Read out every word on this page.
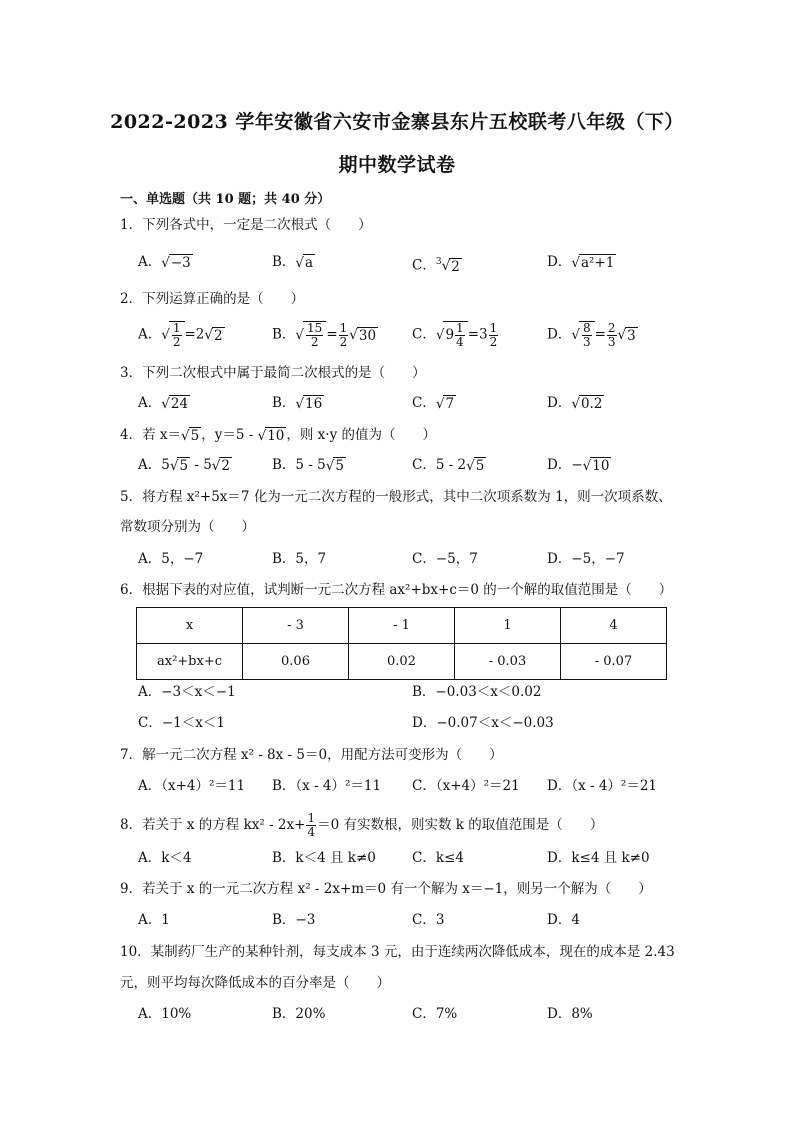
2022-2023 学年安徽省六安市金寨县东片五校联考八年级（下）
期中数学试卷
一、单选题（共 10 题；共 40 分）
1．下列各式中，一定是二次根式（　　）
A．√−3	B．√a	C．$^3$√2	D．√a²+1
2．下列运算正确的是（　　）
A．√ $\frac{1}{2} =2√2$	B．√ $\frac{15}{2} = \frac{1}{2} √30$	C．$√9 \frac{1}{4} =3 \frac{1}{2}$	D．√ $\frac{8}{3} = \frac{2}{3} √3$
3．下列二次根式中属于最简二次根式的是（　　）
A．√24	B．√16	C．√7	D．√0.2
4．若 x＝√5 ，y＝5 - √10 ，则 x·y 的值为（　　）
A．5√5 - 5√2	B．5 - 5√5	C．5 - 2√5	D．−√10
5．将方程 x²+5x＝7 化为一元二次方程的一般形式，其中二次项系数为 1，则一次项系数、
常数项分别为（　　）
A．5，−7	B．5，7	C．−5，7	D．−5，−7
6．根据下表的对应值，试判断一元二次方程 ax²+bx+c＝0 的一个解的取值范围是（　　）
x	- 3	- 1	1	4
ax²+bx+c	0.06	0.02	- 0.03	- 0.07
A．−3＜x＜−1	B．−0.03＜x＜0.02
C．−1＜x＜1	D．−0.07＜x＜−0.03
7．解一元二次方程 x² - 8x - 5＝0，用配方法可变形为（　　）
A．（x+4）²＝11 B．（x - 4）²＝11 C．（x+4）²＝21 D．（x - 4）²＝21
8．若关于 x 的方程 $kx^2 - 2x+ \frac{1}{4} =0$ 有实数根，则实数 k 的取值范围是（　　）
A．k＜4	B．k＜4 且 k≠0	C．k≤4	D．k≤4 且 k≠0
9．若关于 x 的一元二次方程 x² - 2x+m＝0 有一个解为 x＝−1，则另一个解为（　　）
A．1	B．−3	C．3	D．4
10．某制药厂生产的某种针剂，每支成本 3 元，由于连续两次降低成本，现在的成本是 2.43
元，则平均每次降低成本的百分率是（　　）
A．10%	B．20%	C．7%	D．8%
